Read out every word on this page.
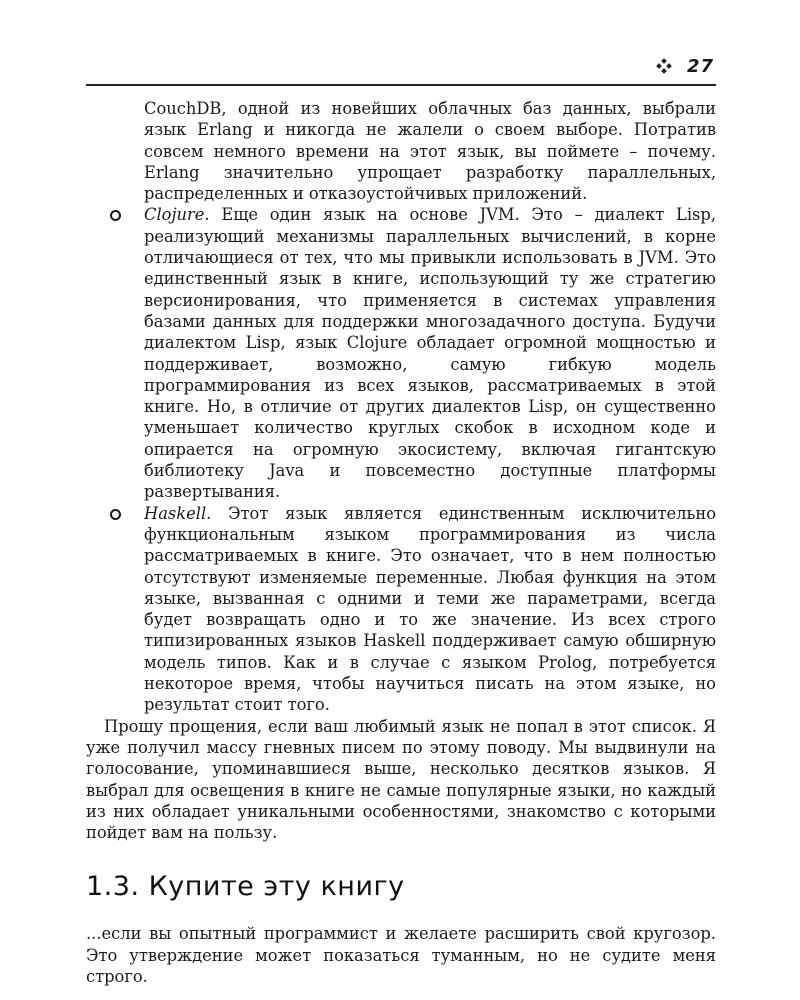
27

CouchDB, одной из новейших облачных баз данных, выбрали язык Erlang и никогда не жалели о своем выборе. Потратив совсем немного времени на этот язык, вы поймете – почему. Erlang значительно упрощает разработку параллельных, распределенных и отказоустойчивых приложений.

Clojure. Еще один язык на основе JVM. Это – диалект Lisp, реализующий механизмы параллельных вычислений, в корне отличающиеся от тех, что мы привыкли использовать в JVM. Это единственный язык в книге, использующий ту же стратегию версионирования, что применяется в системах управления базами данных для поддержки многозадачного доступа. Будучи диалектом Lisp, язык Clojure обладает огромной мощностью и поддерживает, возможно, самую гибкую модель программирования из всех языков, рассматриваемых в этой книге. Но, в отличие от других диалектов Lisp, он существенно уменьшает количество круглых скобок в исходном коде и опирается на огромную экосистему, включая гигантскую библиотеку Java и повсеместно доступные платформы развертывания.

Haskell. Этот язык является единственным исключительно функциональным языком программирования из числа рассматриваемых в книге. Это означает, что в нем полностью отсутствуют изменяемые переменные. Любая функция на этом языке, вызванная с одними и теми же параметрами, всегда будет возвращать одно и то же значение. Из всех строго типизированных языков Haskell поддерживает самую обширную модель типов. Как и в случае с языком Prolog, потребуется некоторое время, чтобы научиться писать на этом языке, но результат стоит того.

Прошу прощения, если ваш любимый язык не попал в этот список. Я уже получил массу гневных писем по этому поводу. Мы выдвинули на голосование, упоминавшиеся выше, несколько десятков языков. Я выбрал для освещения в книге не самые популярные языки, но каждый из них обладает уникальными особенностями, знакомство с которыми пойдет вам на пользу.

1.3. Купите эту книгу

...если вы опытный программист и желаете расширить свой кругозор. Это утверждение может показаться туманным, но не судите меня строго.
